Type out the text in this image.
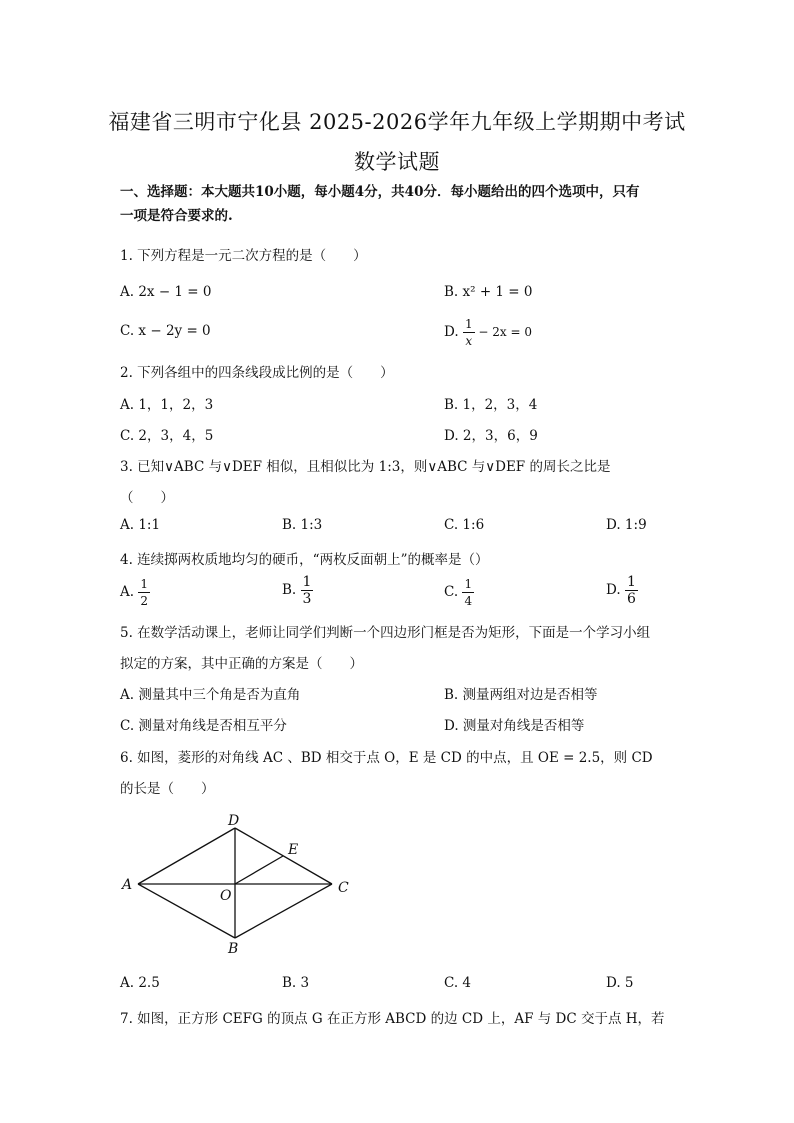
福建省三明市宁化县 2025-2026学年九年级上学期期中考试
数学试题
一、选择题：本大题共10小题，每小题4分，共40分．每小题给出的四个选项中，只有
一项是符合要求的.
1. 下列方程是一元二次方程的是（　　）
A. 2x − 1 = 0	B. x² + 1 = 0
C. x − 2y = 0	D. $\frac{1}{x} - 2x = 0$
2. 下列各组中的四条线段成比例的是（　　）
A. 1，1，2，3	B. 1，2，3，4
C. 2，3，4，5	D. 2，3，6，9
3. 已知∨ABC 与∨DEF 相似，且相似比为 1:3，则∨ABC 与∨DEF 的周长之比是
（　　）
A. 1:1	B. 1:3	C. 1:6	D. 1:9
4. 连续掷两枚质地均匀的硬币，“两枚反面朝上”的概率是（）
A. $\frac{1}{2}$	B. $\frac{1}{3}$	C. $\frac{1}{4}$	D. $\frac{1}{6}$
5. 在数学活动课上，老师让同学们判断一个四边形门框是否为矩形，下面是一个学习小组
拟定的方案，其中正确的方案是（　　）
A. 测量其中三个角是否为直角	B. 测量两组对边是否相等
C. 测量对角线是否相互平分	D. 测量对角线是否相等
6. 如图，菱形的对角线 AC 、BD 相交于点 O，E 是 CD 的中点，且 OE = 2.5，则 CD
的长是（　　）
D
A	C
E
O
B
A. 2.5	B. 3	C. 4	D. 5
7. 如图，正方形 CEFG 的顶点 G 在正方形 ABCD 的边 CD 上，AF 与 DC 交于点 H，若
